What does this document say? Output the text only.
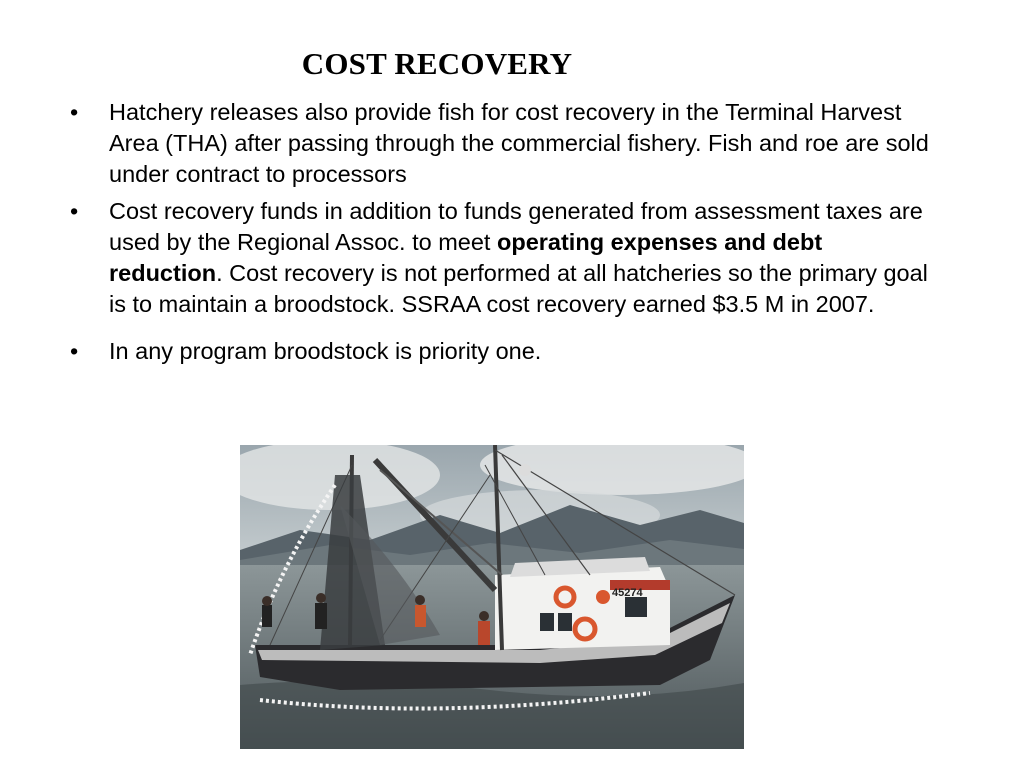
COST RECOVERY
• Hatchery releases also provide fish for cost recovery in the Terminal Harvest Area (THA) after passing through the commercial fishery. Fish and roe are sold under contract to processors
• Cost recovery funds in addition to funds generated from assessment taxes are used by the Regional Assoc. to meet operating expenses and debt reduction. Cost recovery is not performed at all hatcheries so the primary goal is to maintain a broodstock. SSRAA cost recovery earned $3.5 M in 2007.
• In any program broodstock is priority one.
45274
